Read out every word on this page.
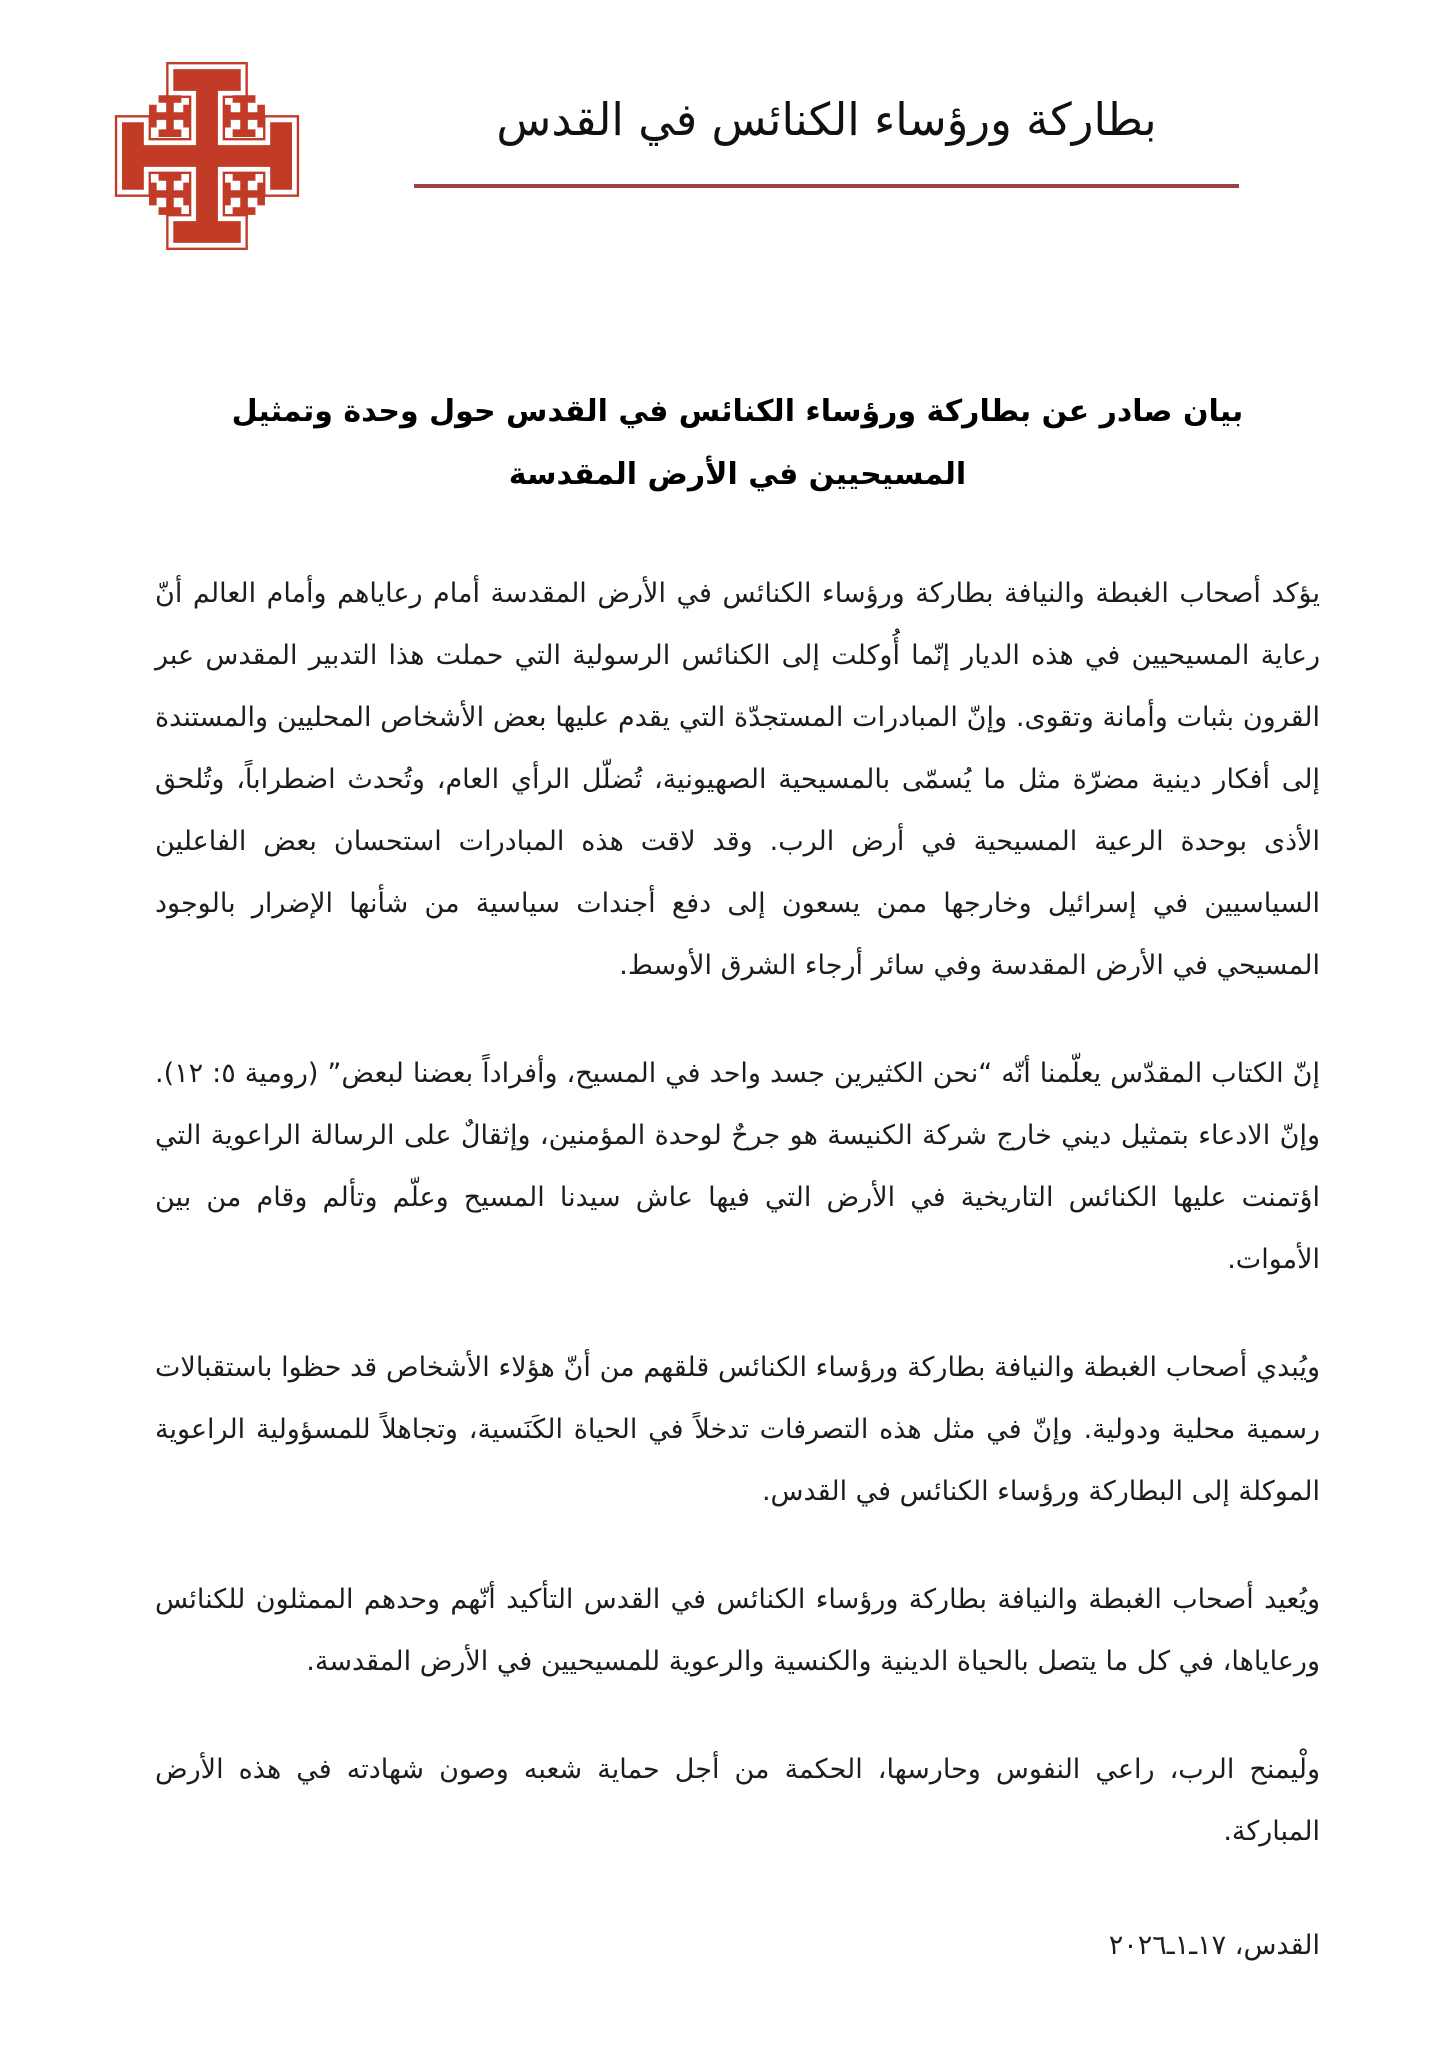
بطاركة ورؤساء الكنائس في القدس
بيان صادر عن بطاركة ورؤساء الكنائس في القدس حول وحدة وتمثيل المسيحيين في الأرض المقدسة

يؤكد أصحاب الغبطة والنيافة بطاركة ورؤساء الكنائس في الأرض المقدسة أمام رعاياهم وأمام العالم أنّ رعاية المسيحيين في هذه الديار إنّما أُوكلت إلى الكنائس الرسولية التي حملت هذا التدبير المقدس عبر القرون بثبات وأمانة وتقوى. وإنّ المبادرات المستجدّة التي يقدم عليها بعض الأشخاص المحليين والمستندة إلى أفكار دينية مضرّة مثل ما يُسمّى بالمسيحية الصهيونية، تُضلّل الرأي العام، وتُحدث اضطراباً، وتُلحق الأذى بوحدة الرعية المسيحية في أرض الرب. وقد لاقت هذه المبادرات استحسان بعض الفاعلين السياسيين في إسرائيل وخارجها ممن يسعون إلى دفع أجندات سياسية من شأنها الإضرار بالوجود المسيحي في الأرض المقدسة وفي سائر أرجاء الشرق الأوسط.

إنّ الكتاب المقدّس يعلّمنا أنّه “نحن الكثيرين جسد واحد في المسيح، وأفراداً بعضنا لبعض” (رومية ٥: ١٢). وإنّ الادعاء بتمثيل ديني خارج شركة الكنيسة هو جرحٌ لوحدة المؤمنين، وإثقالٌ على الرسالة الراعوية التي اؤتمنت عليها الكنائس التاريخية في الأرض التي فيها عاش سيدنا المسيح وعلّم وتألم وقام من بين الأموات.

ويُبدي أصحاب الغبطة والنيافة بطاركة ورؤساء الكنائس قلقهم من أنّ هؤلاء الأشخاص قد حظوا باستقبالات رسمية محلية ودولية. وإنّ في مثل هذه التصرفات تدخلاً في الحياة الكَنَسية، وتجاهلاً للمسؤولية الراعوية الموكلة إلى البطاركة ورؤساء الكنائس في القدس.

ويُعيد أصحاب الغبطة والنيافة بطاركة ورؤساء الكنائس في القدس التأكيد أنّهم وحدهم الممثلون للكنائس ورعاياها، في كل ما يتصل بالحياة الدينية والكنسية والرعوية للمسيحيين في الأرض المقدسة.

ولْيمنح الرب، راعي النفوس وحارسها، الحكمة من أجل حماية شعبه وصون شهادته في هذه الأرض المباركة.

القدس، ١٧ـ١ـ٢٠٢٦
